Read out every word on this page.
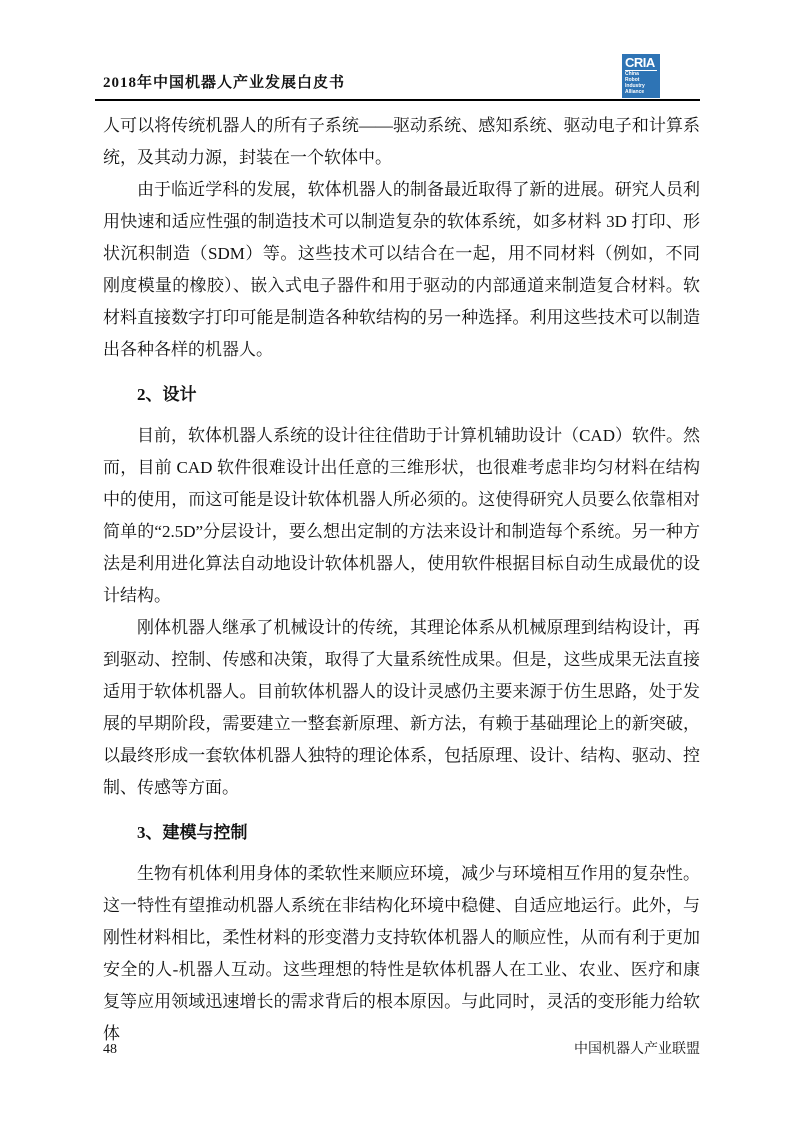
2018年中国机器人产业发展白皮书
CRIA
China
Robot
Industry
Alliance

人可以将传统机器人的所有子系统——驱动系统、感知系统、驱动电子和计算系统，及其动力源，封装在一个软体中。

由于临近学科的发展，软体机器人的制备最近取得了新的进展。研究人员利用快速和适应性强的制造技术可以制造复杂的软体系统，如多材料 3D 打印、形状沉积制造（SDM）等。这些技术可以结合在一起，用不同材料（例如，不同刚度模量的橡胶）、嵌入式电子器件和用于驱动的内部通道来制造复合材料。软材料直接数字打印可能是制造各种软结构的另一种选择。利用这些技术可以制造出各种各样的机器人。

2、设计

目前，软体机器人系统的设计往往借助于计算机辅助设计（CAD）软件。然而，目前 CAD 软件很难设计出任意的三维形状，也很难考虑非均匀材料在结构中的使用，而这可能是设计软体机器人所必须的。这使得研究人员要么依靠相对简单的“2.5D”分层设计，要么想出定制的方法来设计和制造每个系统。另一种方法是利用进化算法自动地设计软体机器人，使用软件根据目标自动生成最优的设计结构。

刚体机器人继承了机械设计的传统，其理论体系从机械原理到结构设计，再到驱动、控制、传感和决策，取得了大量系统性成果。但是，这些成果无法直接适用于软体机器人。目前软体机器人的设计灵感仍主要来源于仿生思路，处于发展的早期阶段，需要建立一整套新原理、新方法，有赖于基础理论上的新突破，以最终形成一套软体机器人独特的理论体系，包括原理、设计、结构、驱动、控制、传感等方面。

3、建模与控制

生物有机体利用身体的柔软性来顺应环境，减少与环境相互作用的复杂性。这一特性有望推动机器人系统在非结构化环境中稳健、自适应地运行。此外，与刚性材料相比，柔性材料的形变潜力支持软体机器人的顺应性，从而有利于更加安全的人-机器人互动。这些理想的特性是软体机器人在工业、农业、医疗和康复等应用领域迅速增长的需求背后的根本原因。与此同时，灵活的变形能力给软体

48	中国机器人产业联盟
